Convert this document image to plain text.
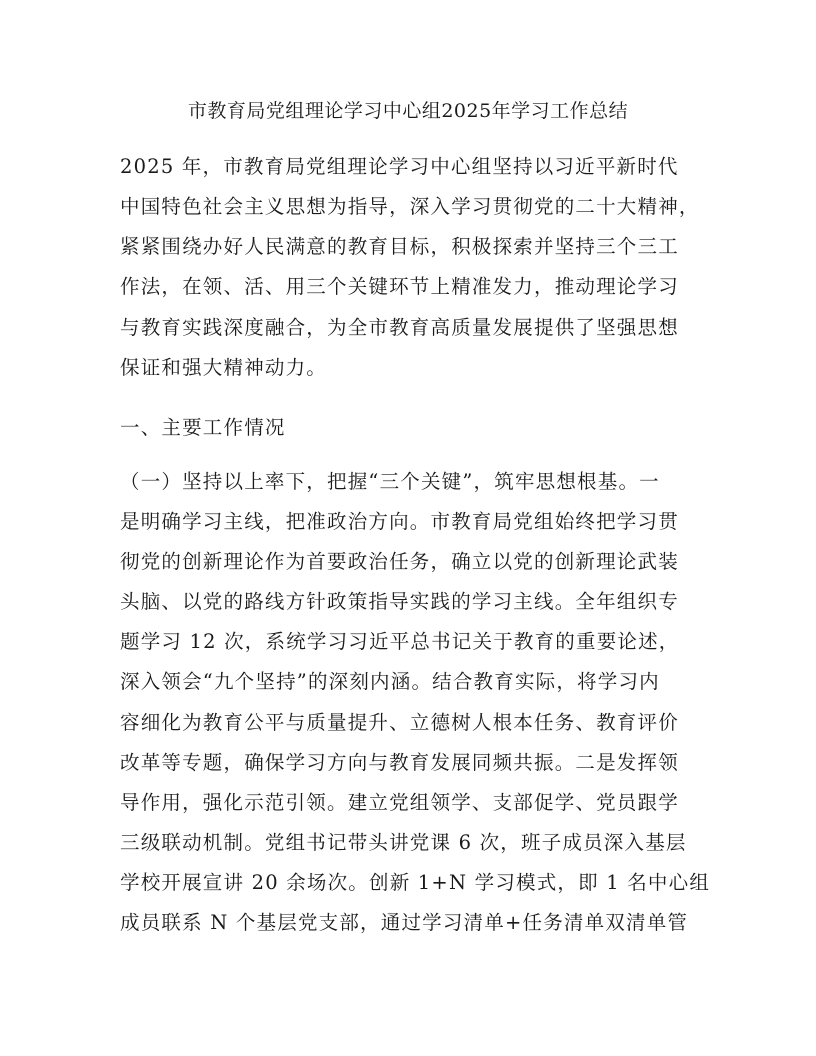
市教育局党组理论学习中心组2025年学习工作总结
2025 年，市教育局党组理论学习中心组坚持以习近平新时代
中国特色社会主义思想为指导，深入学习贯彻党的二十大精神，
紧紧围绕办好人民满意的教育目标，积极探索并坚持三个三工
作法，在领、活、用三个关键环节上精准发力，推动理论学习
与教育实践深度融合，为全市教育高质量发展提供了坚强思想
保证和强大精神动力。
一、主要工作情况
（一）坚持以上率下，把握“三个关键”，筑牢思想根基。一
是明确学习主线，把准政治方向。市教育局党组始终把学习贯
彻党的创新理论作为首要政治任务，确立以党的创新理论武装
头脑、以党的路线方针政策指导实践的学习主线。全年组织专
题学习 12 次，系统学习习近平总书记关于教育的重要论述，
深入领会“九个坚持”的深刻内涵。结合教育实际，将学习内
容细化为教育公平与质量提升、立德树人根本任务、教育评价
改革等专题，确保学习方向与教育发展同频共振。二是发挥领
导作用，强化示范引领。建立党组领学、支部促学、党员跟学
三级联动机制。党组书记带头讲党课 6 次，班子成员深入基层
学校开展宣讲 20 余场次。创新 1+N 学习模式，即 1 名中心组
成员联系 N 个基层党支部，通过学习清单+任务清单双清单管
